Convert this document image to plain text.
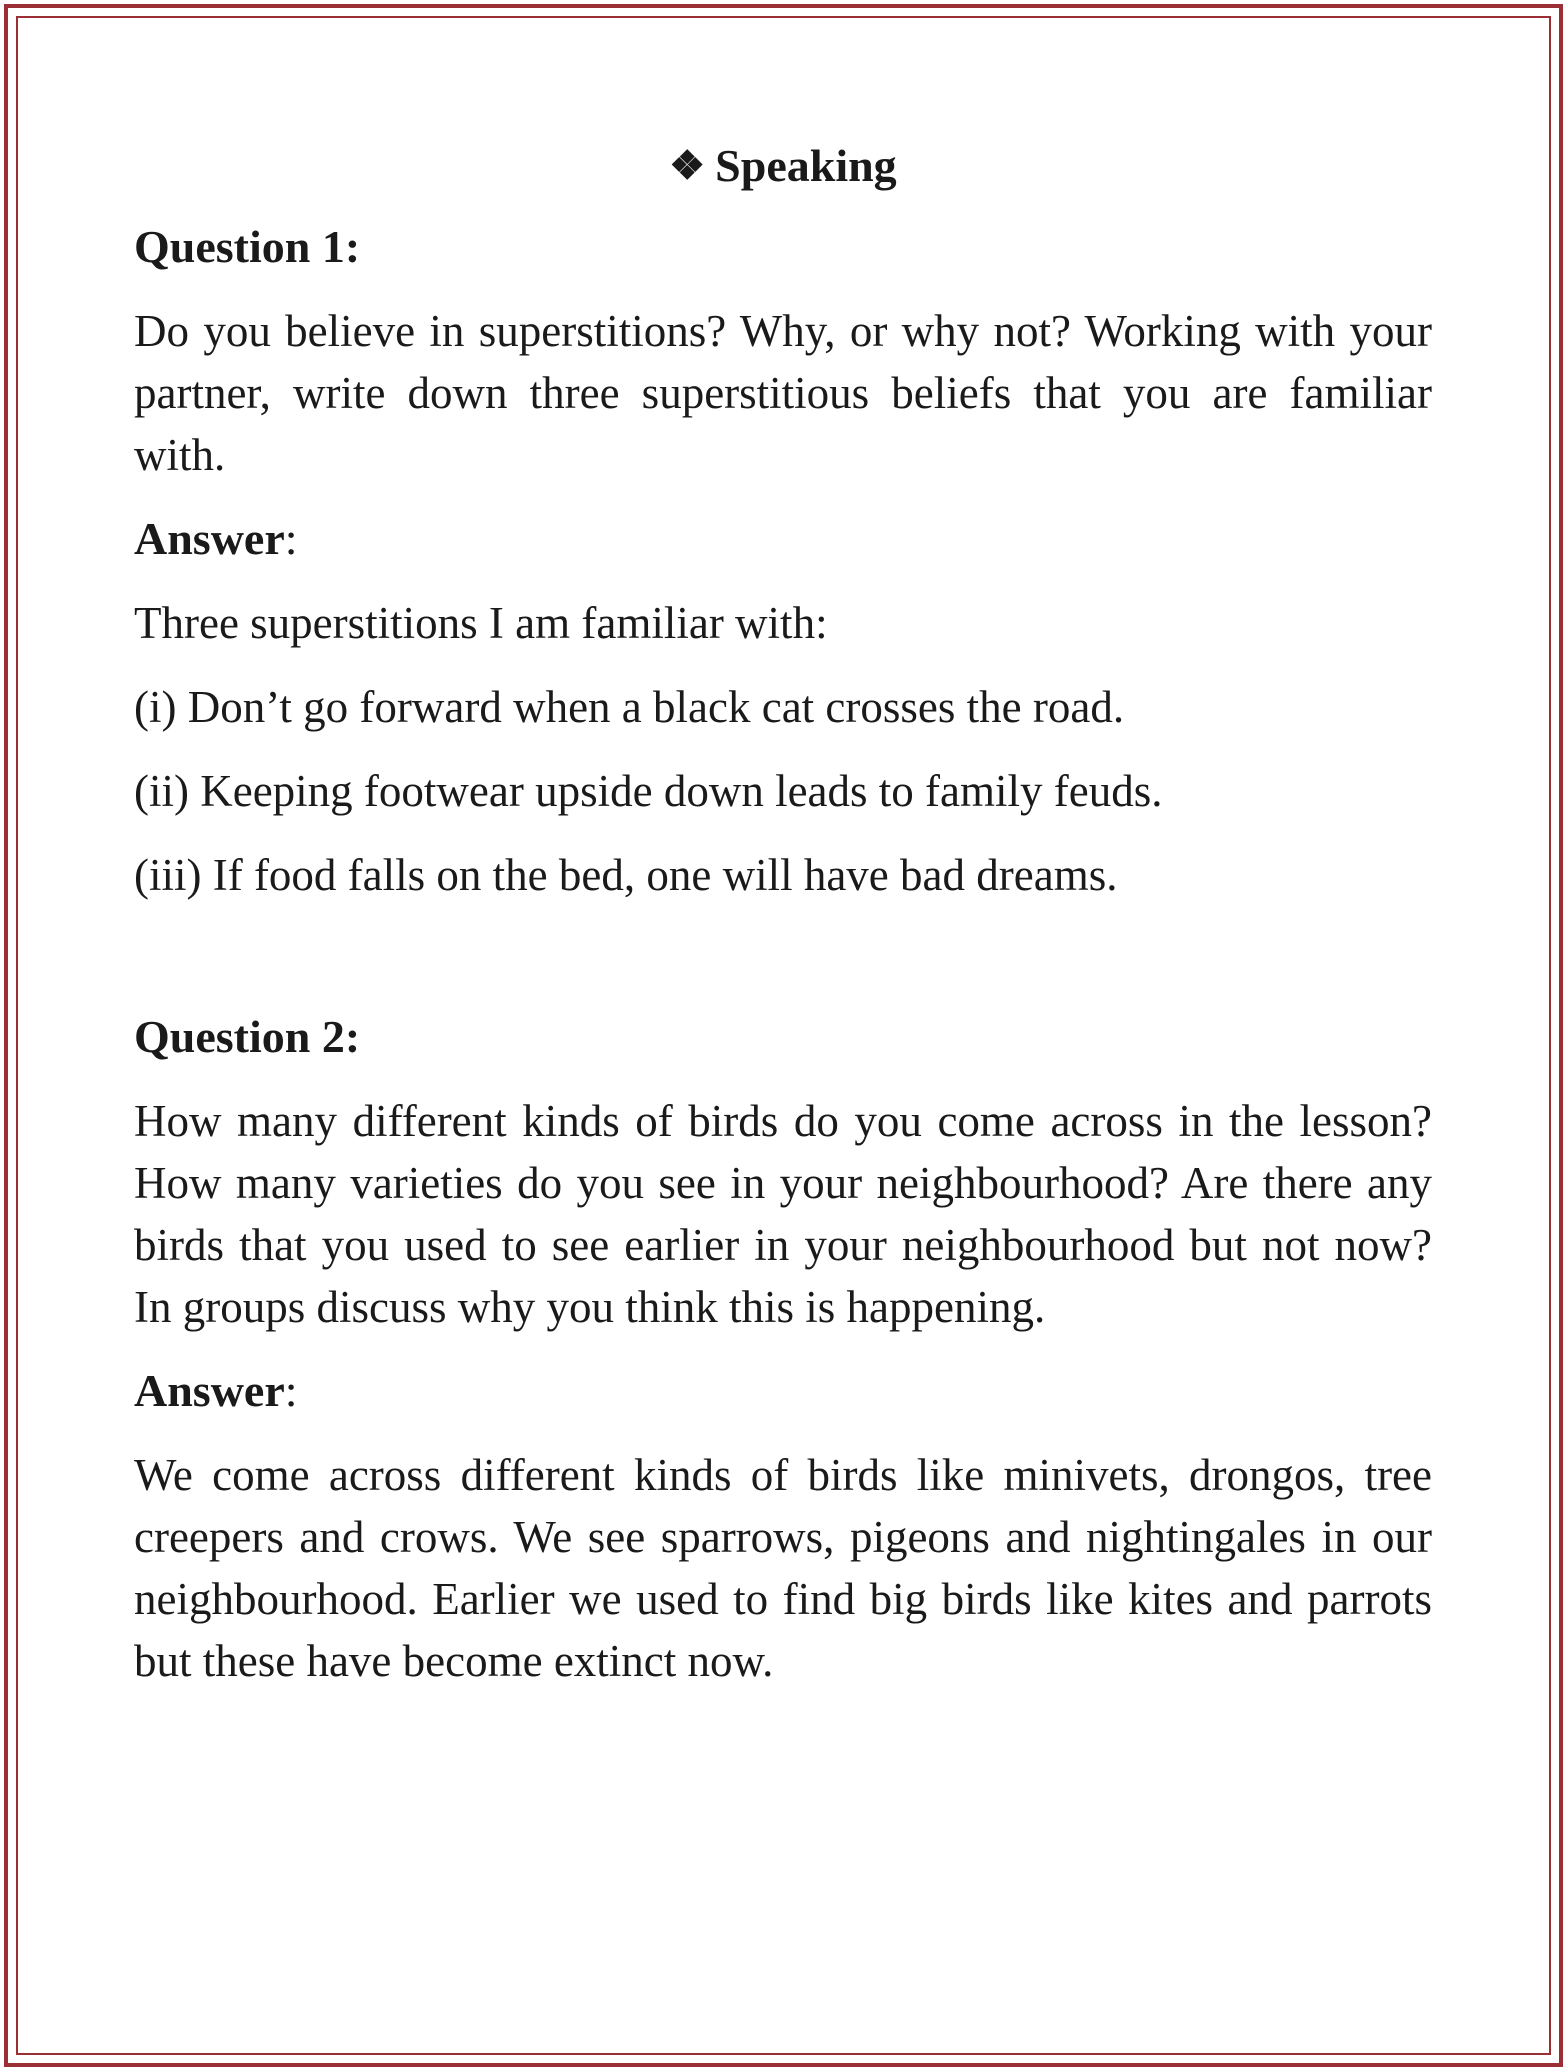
❖ Speaking

Question 1:

Do you believe in superstitions? Why, or why not? Working with your partner, write down three superstitious beliefs that you are familiar with.

Answer:

Three superstitions I am familiar with:

(i) Don’t go forward when a black cat crosses the road.

(ii) Keeping footwear upside down leads to family feuds.

(iii) If food falls on the bed, one will have bad dreams.

Question 2:

How many different kinds of birds do you come across in the lesson? How many varieties do you see in your neighbourhood? Are there any birds that you used to see earlier in your neighbourhood but not now? In groups discuss why you think this is happening.

Answer:

We come across different kinds of birds like minivets, drongos, tree creepers and crows. We see sparrows, pigeons and nightingales in our neighbourhood. Earlier we used to find big birds like kites and parrots but these have become extinct now.
